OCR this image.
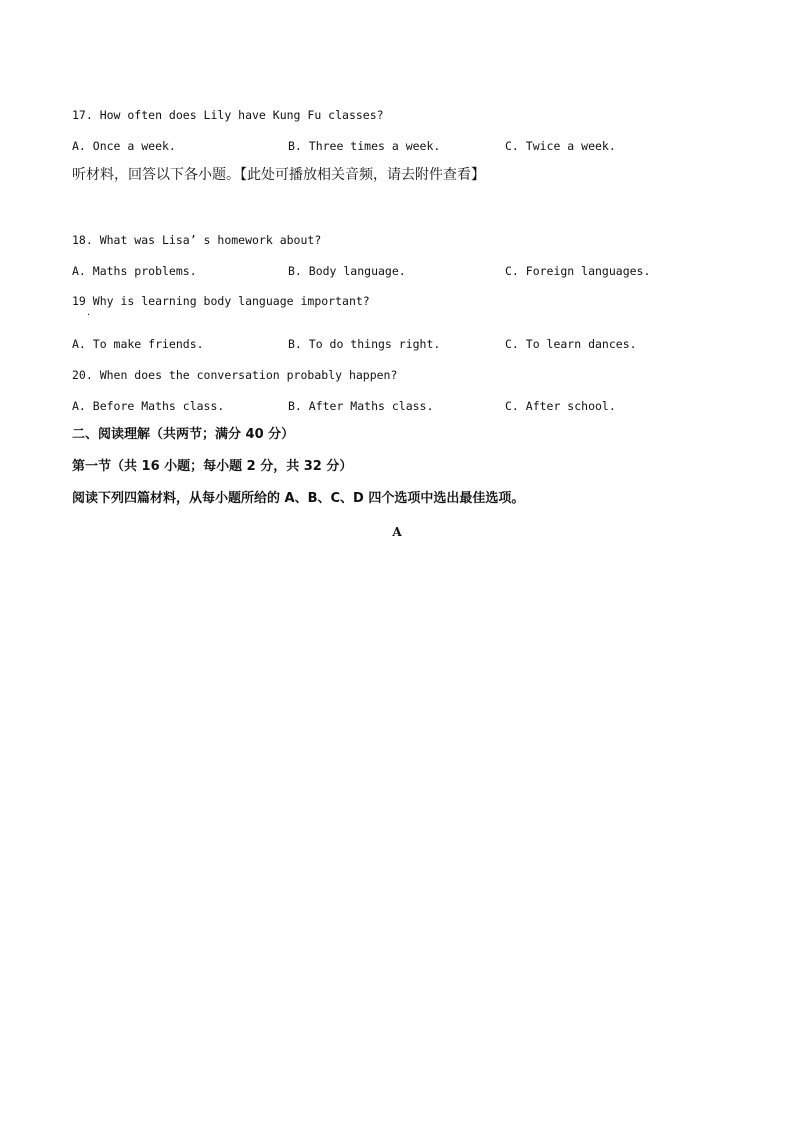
17. How often does Lily have Kung Fu classes?
A. Once a week.	B. Three times a week.	C. Twice a week.
听材料，回答以下各小题。【此处可播放相关音频，请去附件查看】
18. What was Lisa’ s homework about?
A. Maths problems.	B. Body language.	C. Foreign languages.
19 Why is learning body language important?
.
A. To make friends.	B. To do things right.	C. To learn dances.
20. When does the conversation probably happen?
A. Before Maths class.	B. After Maths class.	C. After school.
二、阅读理解（共两节；满分 40 分）
第一节（共 16 小题；每小题 2 分，共 32 分）
阅读下列四篇材料，从每小题所给的 A、B、C、D 四个选项中选出最佳选项。
A
